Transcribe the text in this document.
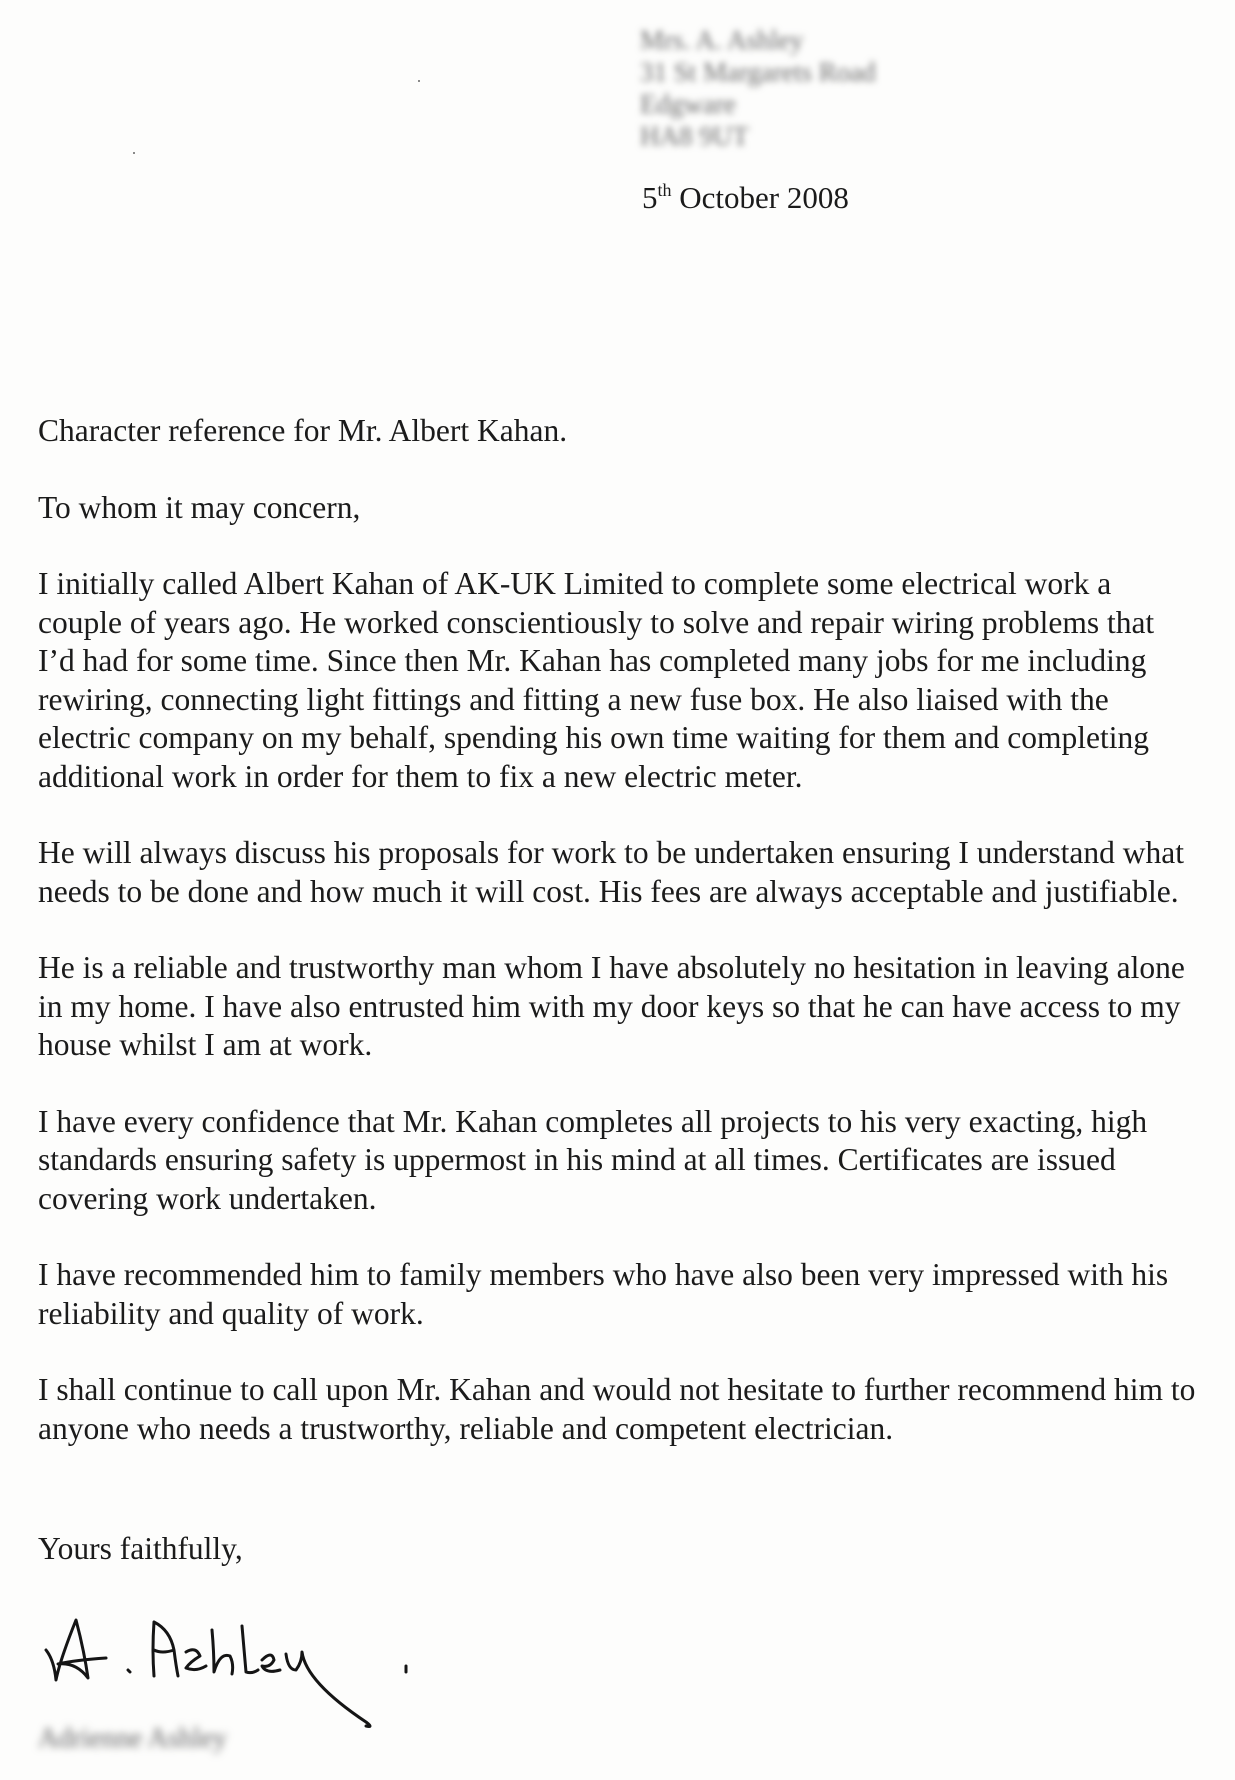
Mrs. A. Ashley
31 St Margarets Road
Edgware
HA8 9UT
5th October 2008

Character reference for Mr. Albert Kahan.

To whom it may concern,

I initially called Albert Kahan of AK-UK Limited to complete some electrical work a couple of years ago. He worked conscientiously to solve and repair wiring problems that I’d had for some time. Since then Mr. Kahan has completed many jobs for me including rewiring, connecting light fittings and fitting a new fuse box. He also liaised with the electric company on my behalf, spending his own time waiting for them and completing additional work in order for them to fix a new electric meter.

He will always discuss his proposals for work to be undertaken ensuring I understand what needs to be done and how much it will cost. His fees are always acceptable and justifiable.

He is a reliable and trustworthy man whom I have absolutely no hesitation in leaving alone in my home. I have also entrusted him with my door keys so that he can have access to my house whilst I am at work.

I have every confidence that Mr. Kahan completes all projects to his very exacting, high standards ensuring safety is uppermost in his mind at all times. Certificates are issued covering work undertaken.

I have recommended him to family members who have also been very impressed with his reliability and quality of work.

I shall continue to call upon Mr. Kahan and would not hesitate to further recommend him to anyone who needs a trustworthy, reliable and competent electrician.

Yours faithfully,
Adrienne Ashley
